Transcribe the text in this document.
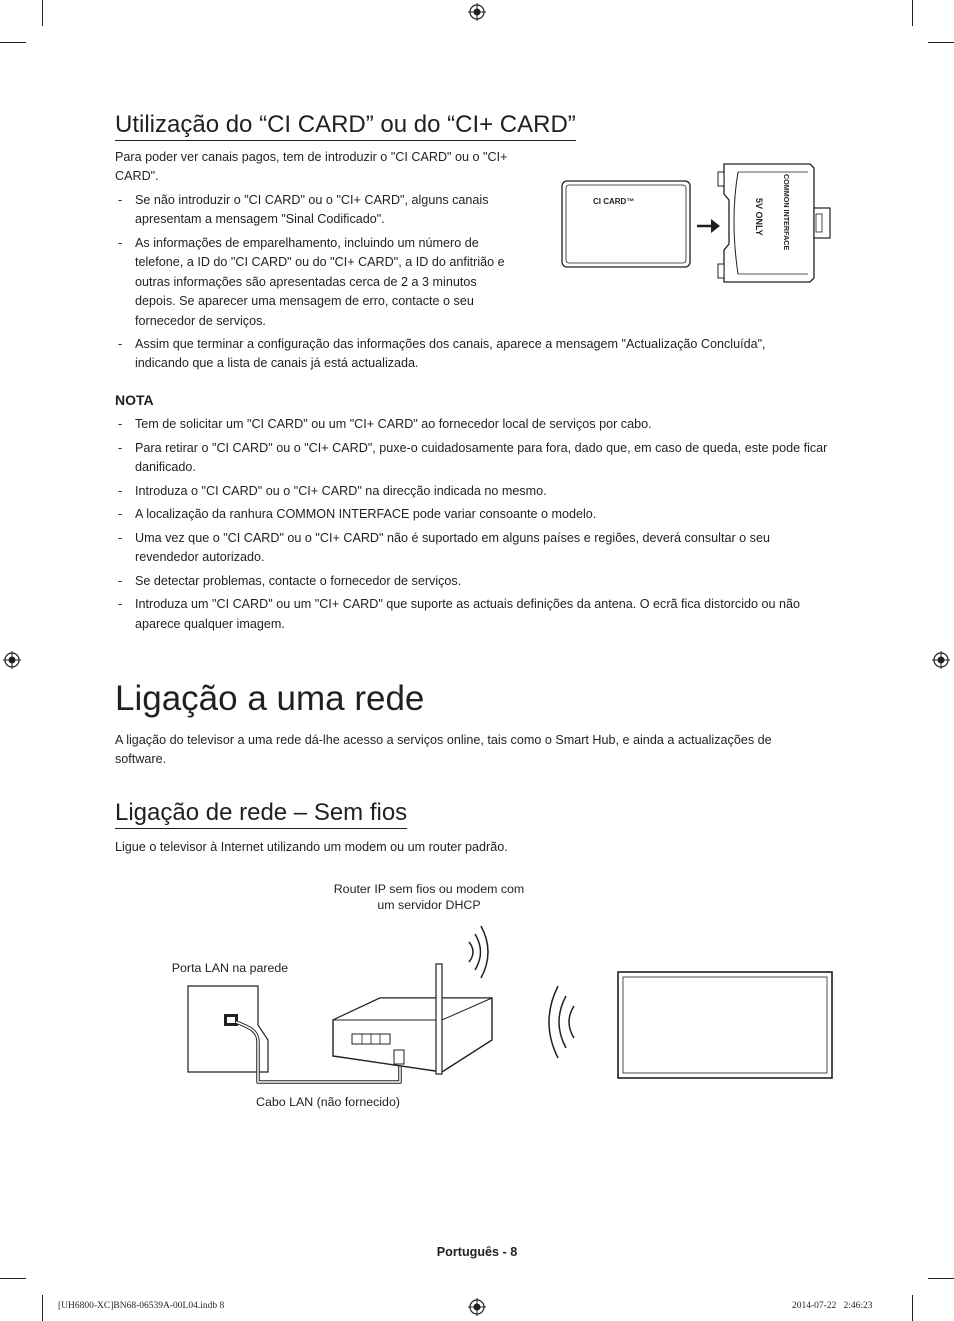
Utilização do “CI CARD” ou do “CI+ CARD”
Para poder ver canais pagos, tem de introduzir o "CI CARD" ou o "CI+ CARD".
- Se não introduzir o "CI CARD" ou o "CI+ CARD", alguns canais apresentam a mensagem "Sinal Codificado".
- As informações de emparelhamento, incluindo um número de telefone, a ID do "CI CARD" ou do "CI+ CARD", a ID do anfitrião e outras informações são apresentadas cerca de 2 a 3 minutos depois. Se aparecer uma mensagem de erro, contacte o seu fornecedor de serviços.
- Assim que terminar a configuração das informações dos canais, aparece a mensagem "Actualização Concluída", indicando que a lista de canais já está actualizada.
CI CARD™	COMMON INTERFACE
5V ONLY
NOTA
- Tem de solicitar um "CI CARD" ou um "CI+ CARD" ao fornecedor local de serviços por cabo.
- Para retirar o "CI CARD" ou o "CI+ CARD", puxe-o cuidadosamente para fora, dado que, em caso de queda, este pode ficar danificado.
- Introduza o "CI CARD" ou o "CI+ CARD" na direcção indicada no mesmo.
- A localização da ranhura COMMON INTERFACE pode variar consoante o modelo.
- Uma vez que o "CI CARD" ou o "CI+ CARD" não é suportado em alguns países e regiões, deverá consultar o seu revendedor autorizado.
- Se detectar problemas, contacte o fornecedor de serviços.
- Introduza um "CI CARD" ou um "CI+ CARD" que suporte as actuais definições da antena. O ecrã fica distorcido ou não aparece qualquer imagem.
Ligação a uma rede
A ligação do televisor a uma rede dá-lhe acesso a serviços online, tais como o Smart Hub, e ainda a actualizações de software.
Ligação de rede – Sem fios
Ligue o televisor à Internet utilizando um modem ou um router padrão.
Router IP sem fios ou modem com
um servidor DHCP
Porta LAN na parede
Cabo LAN (não fornecido)
Português - 8
[UH6800-XC]BN68-06539A-00L04.indb 8	2014-07-22   2:46:23
